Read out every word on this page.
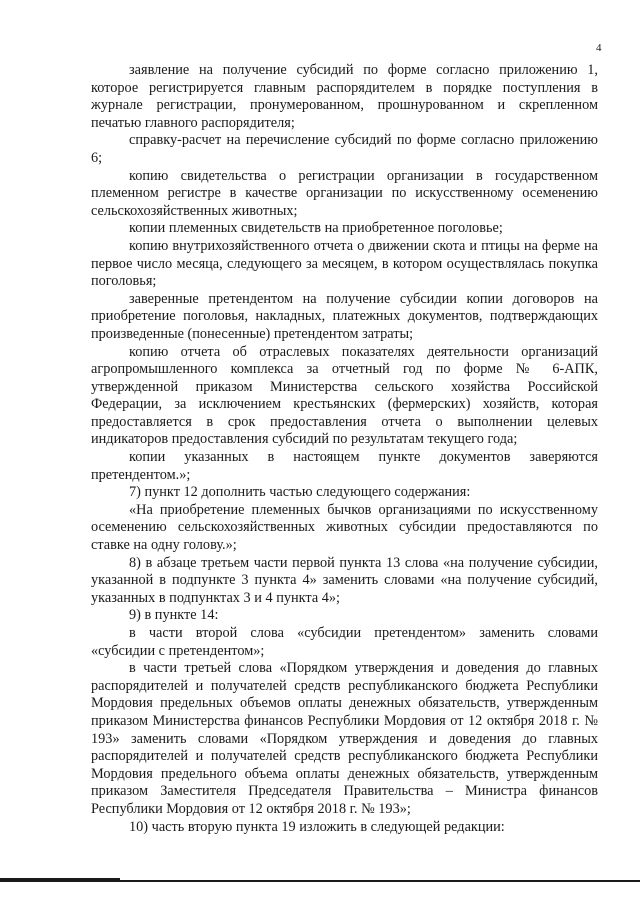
4

заявление на получение субсидий по форме согласно приложению 1, которое регистрируется главным распорядителем в порядке поступления в журнале регистрации, пронумерованном, прошнурованном и скрепленном печатью главного распорядителя;

справку-расчет на перечисление субсидий по форме согласно приложению 6;

копию свидетельства о регистрации организации в государственном племенном регистре в качестве организации по искусственному осеменению сельскохозяйственных животных;

копии племенных свидетельств на приобретенное поголовье;

копию внутрихозяйственного отчета о движении скота и птицы на ферме на первое число месяца, следующего за месяцем, в котором осуществлялась покупка поголовья;

заверенные претендентом на получение субсидии копии договоров на приобретение поголовья, накладных, платежных документов, подтверждающих произведенные (понесенные) претендентом затраты;

копию отчета об отраслевых показателях деятельности организаций агропромышленного комплекса за отчетный год по форме № 6-АПК, утвержденной приказом Министерства сельского хозяйства Российской Федерации, за исключением крестьянских (фермерских) хозяйств, которая предоставляется в срок предоставления отчета о выполнении целевых индикаторов предоставления субсидий по результатам текущего года;

копии указанных в настоящем пункте документов заверяются претендентом.»;

7) пункт 12 дополнить частью следующего содержания:

«На приобретение племенных бычков организациями по искусственному осеменению сельскохозяйственных животных субсидии предоставляются по ставке на одну голову.»;

8) в абзаце третьем части первой пункта 13 слова «на получение субсидии, указанной в подпункте 3 пункта 4» заменить словами «на получение субсидий, указанных в подпунктах 3 и 4 пункта 4»;

9) в пункте 14:

в части второй слова «субсидии претендентом» заменить словами «субсидии с претендентом»;

в части третьей слова «Порядком утверждения и доведения до главных распорядителей и получателей средств республиканского бюджета Республики Мордовия предельных объемов оплаты денежных обязательств, утвержденным приказом Министерства финансов Республики Мордовия от 12 октября 2018 г. № 193» заменить словами «Порядком утверждения и доведения до главных распорядителей и получателей средств республиканского бюджета Республики Мордовия предельного объема оплаты денежных обязательств, утвержденным приказом Заместителя Председателя Правительства – Министра финансов Республики Мордовия от 12 октября 2018 г. № 193»;

10) часть вторую пункта 19 изложить в следующей редакции:
